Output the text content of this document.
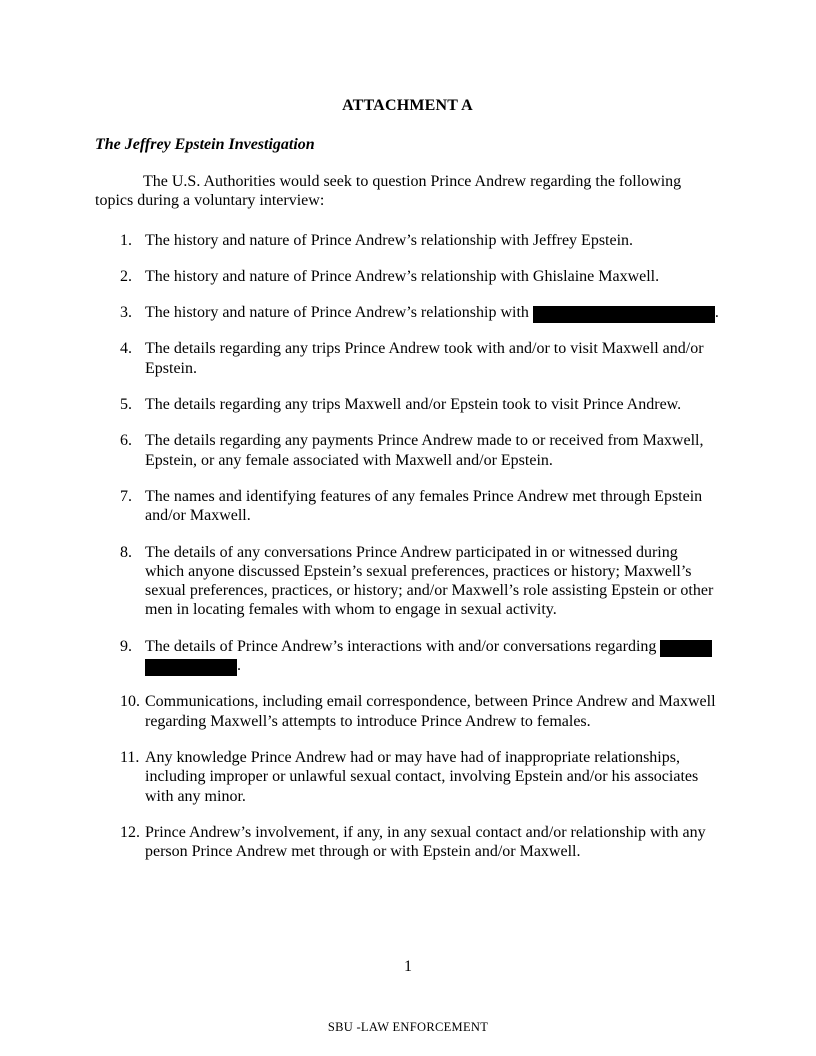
ATTACHMENT A
The Jeffrey Epstein Investigation

The U.S. Authorities would seek to question Prince Andrew regarding the following topics during a voluntary interview:

1. The history and nature of Prince Andrew’s relationship with Jeffrey Epstein.
2. The history and nature of Prince Andrew’s relationship with Ghislaine Maxwell.
3. The history and nature of Prince Andrew’s relationship with	.
4. The details regarding any trips Prince Andrew took with and/or to visit Maxwell and/or Epstein.
5. The details regarding any trips Maxwell and/or Epstein took to visit Prince Andrew.
6. The details regarding any payments Prince Andrew made to or received from Maxwell, Epstein, or any female associated with Maxwell and/or Epstein.
7. The names and identifying features of any females Prince Andrew met through Epstein and/or Maxwell.
8. The details of any conversations Prince Andrew participated in or witnessed during which anyone discussed Epstein’s sexual preferences, practices or history; Maxwell’s sexual preferences, practices, or history; and/or Maxwell’s role assisting Epstein or other men in locating females with whom to engage in sexual activity.
9. The details of Prince Andrew’s interactions with and/or conversations regarding  .
10. Communications, including email correspondence, between Prince Andrew and Maxwell regarding Maxwell’s attempts to introduce Prince Andrew to females.
11. Any knowledge Prince Andrew had or may have had of inappropriate relationships, including improper or unlawful sexual contact, involving Epstein and/or his associates with any minor.
12. Prince Andrew’s involvement, if any, in any sexual contact and/or relationship with any person Prince Andrew met through or with Epstein and/or Maxwell.
1
SBU -LAW ENFORCEMENT
